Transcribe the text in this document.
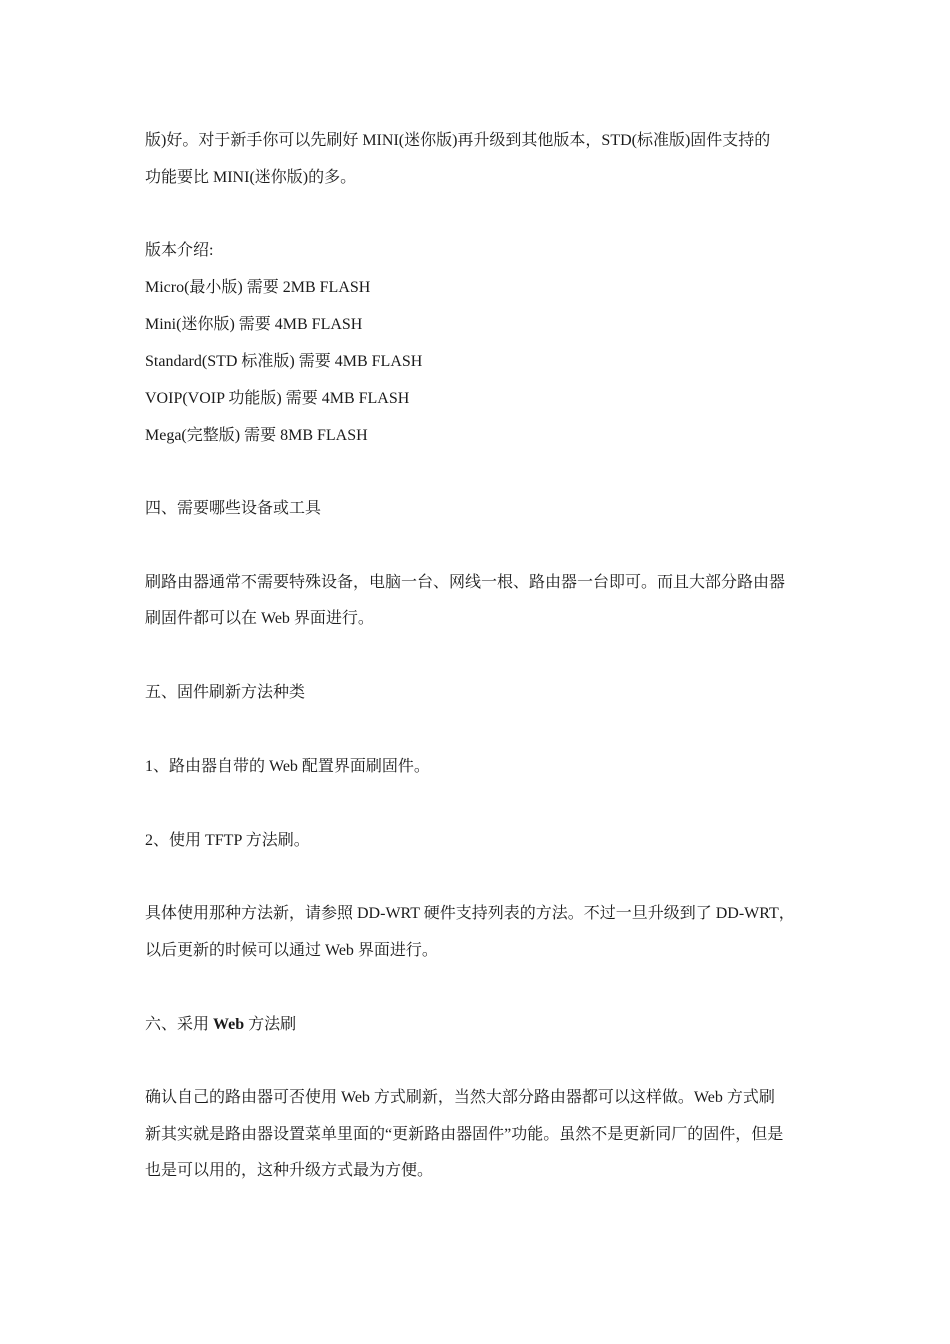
版)好。对于新手你可以先刷好 MINI(迷你版)再升级到其他版本，STD(标准版)固件支持的
功能要比 MINI(迷你版)的多。
版本介绍:
Micro(最小版) 需要 2MB FLASH
Mini(迷你版) 需要 4MB FLASH
Standard(STD 标准版) 需要 4MB FLASH
VOIP(VOIP 功能版) 需要 4MB FLASH
Mega(完整版) 需要 8MB FLASH
四、需要哪些设备或工具
刷路由器通常不需要特殊设备，电脑一台、网线一根、路由器一台即可。而且大部分路由器
刷固件都可以在 Web 界面进行。
五、固件刷新方法种类
1、路由器自带的 Web 配置界面刷固件。
2、使用 TFTP 方法刷。
具体使用那种方法新，请参照 DD-WRT 硬件支持列表的方法。不过一旦升级到了 DD-WRT，
以后更新的时候可以通过 Web 界面进行。
六、采用 Web 方法刷
确认自己的路由器可否使用 Web 方式刷新，当然大部分路由器都可以这样做。Web 方式刷
新其实就是路由器设置菜单里面的“更新路由器固件”功能。虽然不是更新同厂的固件，但是
也是可以用的，这种升级方式最为方便。
